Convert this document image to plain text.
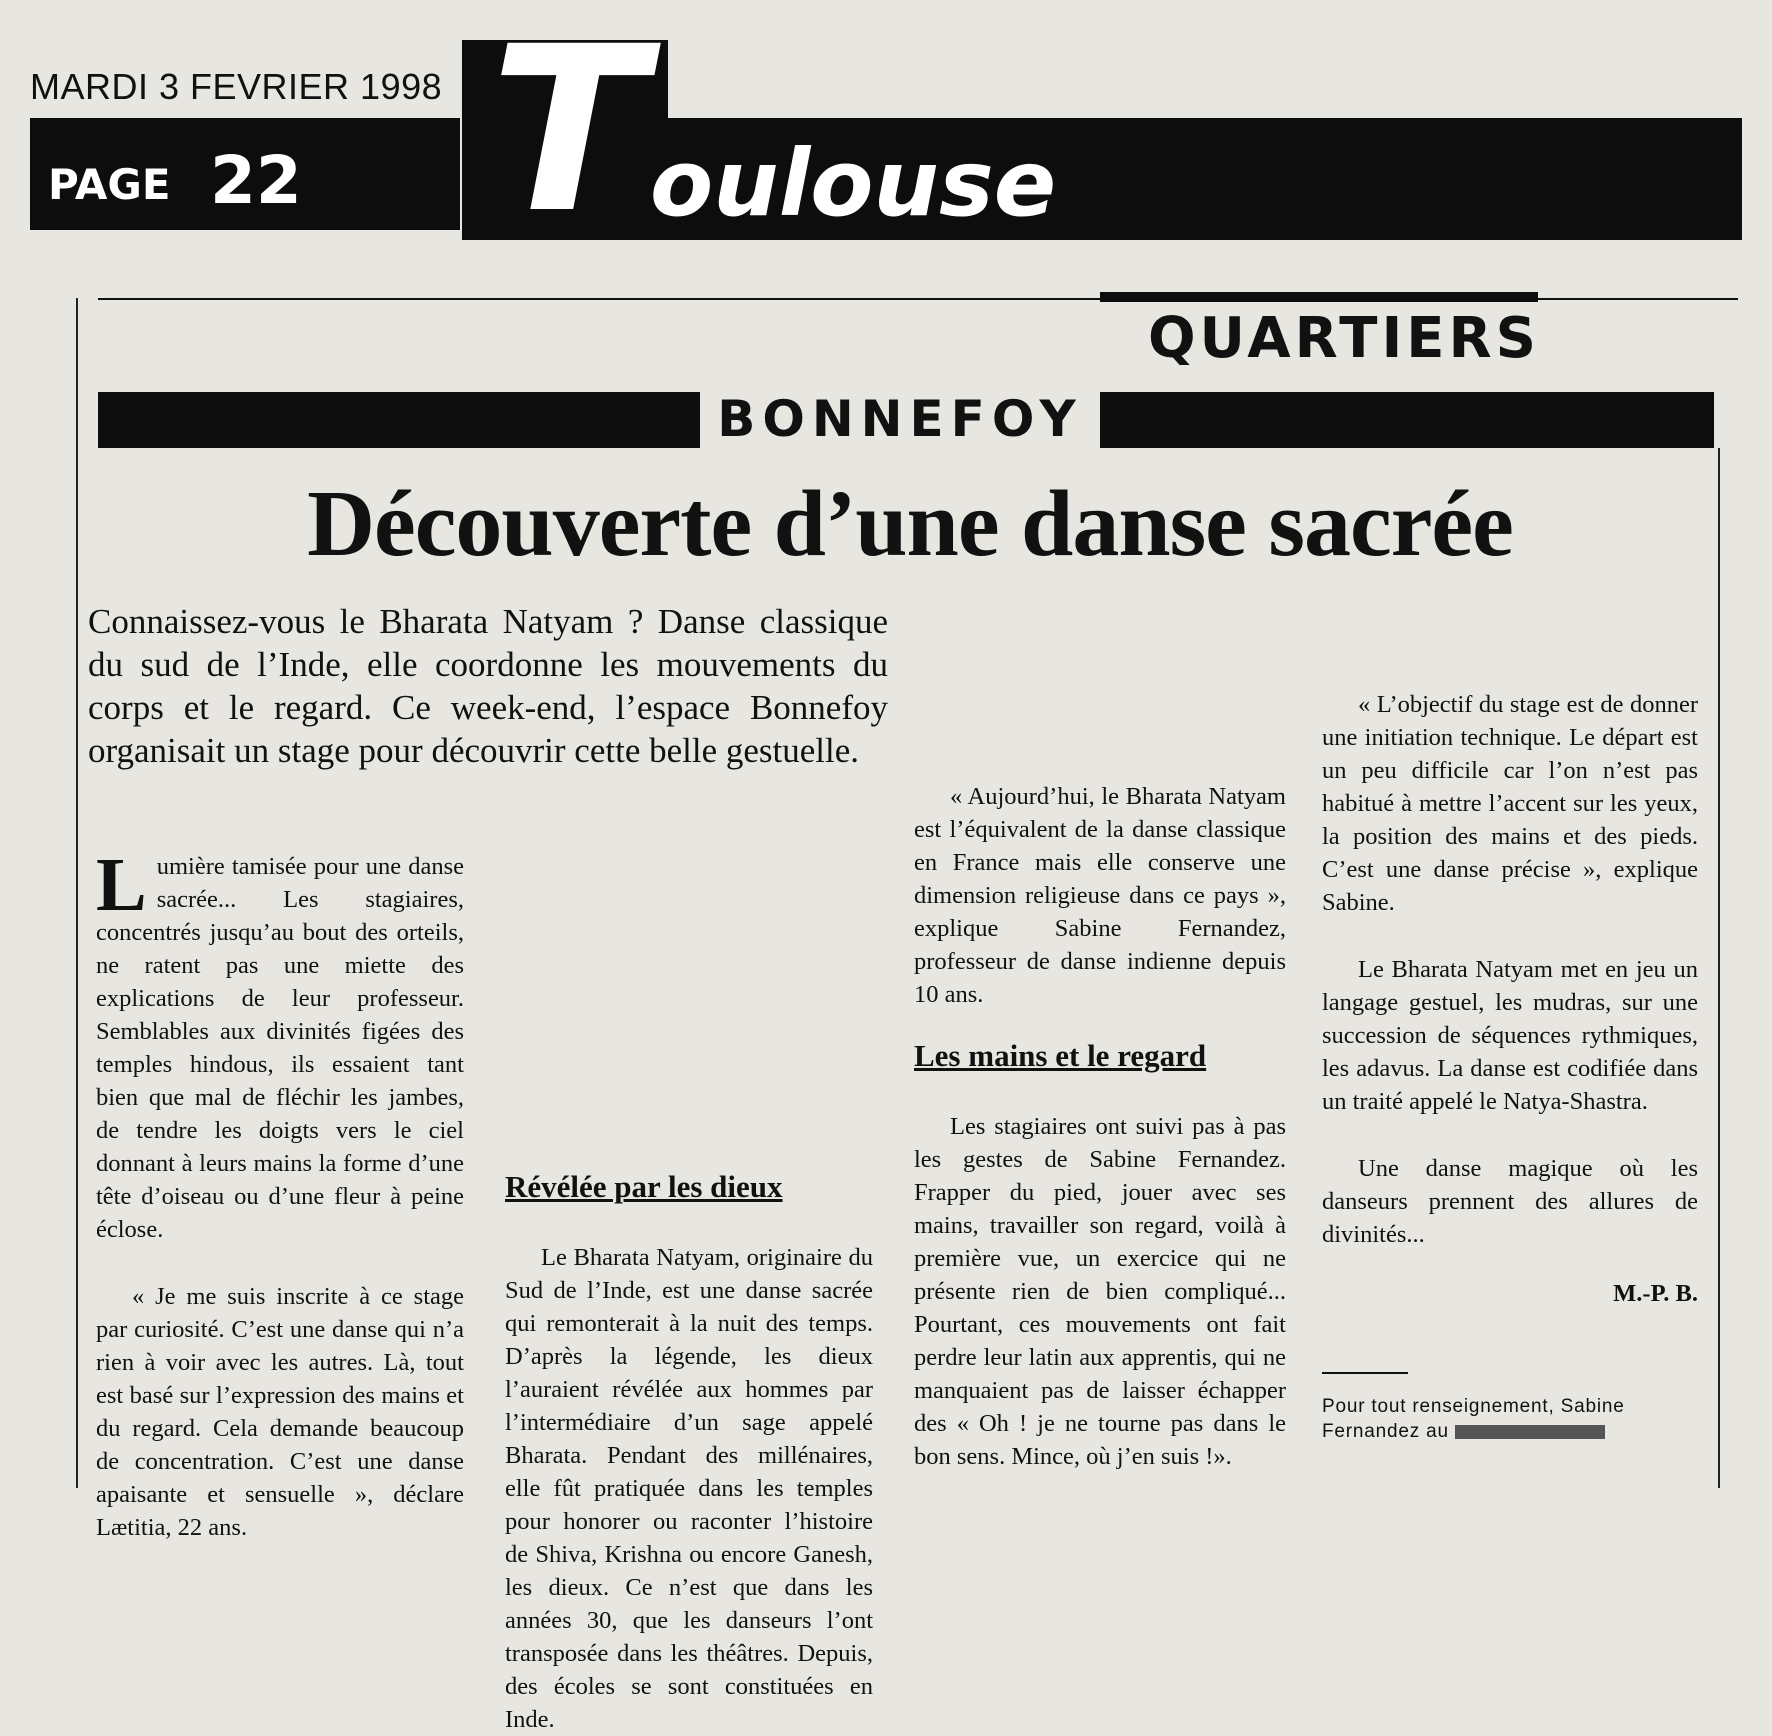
MARDI 3 FEVRIER 1998
PAGE 22 T oulouse
QUARTIERS
BONNEFOY
Découverte d’une danse sacrée
Connaissez-vous le Bharata Natyam ? Danse classique du sud de l’Inde, elle coordonne les mouvements du corps et le regard. Ce week-end, l’espace Bonnefoy organisait un stage pour découvrir cette belle gestuelle.

Lumière tamisée pour une danse sacrée... Les stagiaires, concentrés jusqu’au bout des orteils, ne ratent pas une miette des explications de leur professeur. Semblables aux divinités figées des temples hindous, ils essaient tant bien que mal de fléchir les jambes, de tendre les doigts vers le ciel donnant à leurs mains la forme d’une tête d’oiseau ou d’une fleur à peine éclose.

« Je me suis inscrite à ce stage par curiosité. C’est une danse qui n’a rien à voir avec les autres. Là, tout est basé sur l’expression des mains et du regard. Cela demande beaucoup de concentration. C’est une danse apaisante et sensuelle », déclare Lætitia, 22 ans.

Révélée par les dieux

Le Bharata Natyam, originaire du Sud de l’Inde, est une danse sacrée qui remonterait à la nuit des temps. D’après la légende, les dieux l’auraient révélée aux hommes par l’intermédiaire d’un sage appelé Bharata. Pendant des millénaires, elle fût pratiquée dans les temples pour honorer ou raconter l’histoire de Shiva, Krishna ou encore Ganesh, les dieux. Ce n’est que dans les années 30, que les danseurs l’ont transposée dans les théâtres. Depuis, des écoles se sont constituées en Inde.

« Aujourd’hui, le Bharata Natyam est l’équivalent de la danse classique en France mais elle conserve une dimension religieuse dans ce pays », explique Sabine Fernandez, professeur de danse indienne depuis 10 ans.

Les mains et le regard

Les stagiaires ont suivi pas à pas les gestes de Sabine Fernandez. Frapper du pied, jouer avec ses mains, travailler son regard, voilà à première vue, un exercice qui ne présente rien de bien compliqué... Pourtant, ces mouvements ont fait perdre leur latin aux apprentis, qui ne manquaient pas de laisser échapper des « Oh ! je ne tourne pas dans le bon sens. Mince, où j’en suis !».

« L’objectif du stage est de donner une initiation technique. Le départ est un peu difficile car l’on n’est pas habitué à mettre l’accent sur les yeux, la position des mains et des pieds. C’est une danse précise », explique Sabine.

Le Bharata Natyam met en jeu un langage gestuel, les mudras, sur une succession de séquences rythmiques, les adavus. La danse est codifiée dans un traité appelé le Natya-Shastra.

Une danse magique où les danseurs prennent des allures de divinités...

M.-P. B.
Pour tout renseignement, Sabine Fernandez au
